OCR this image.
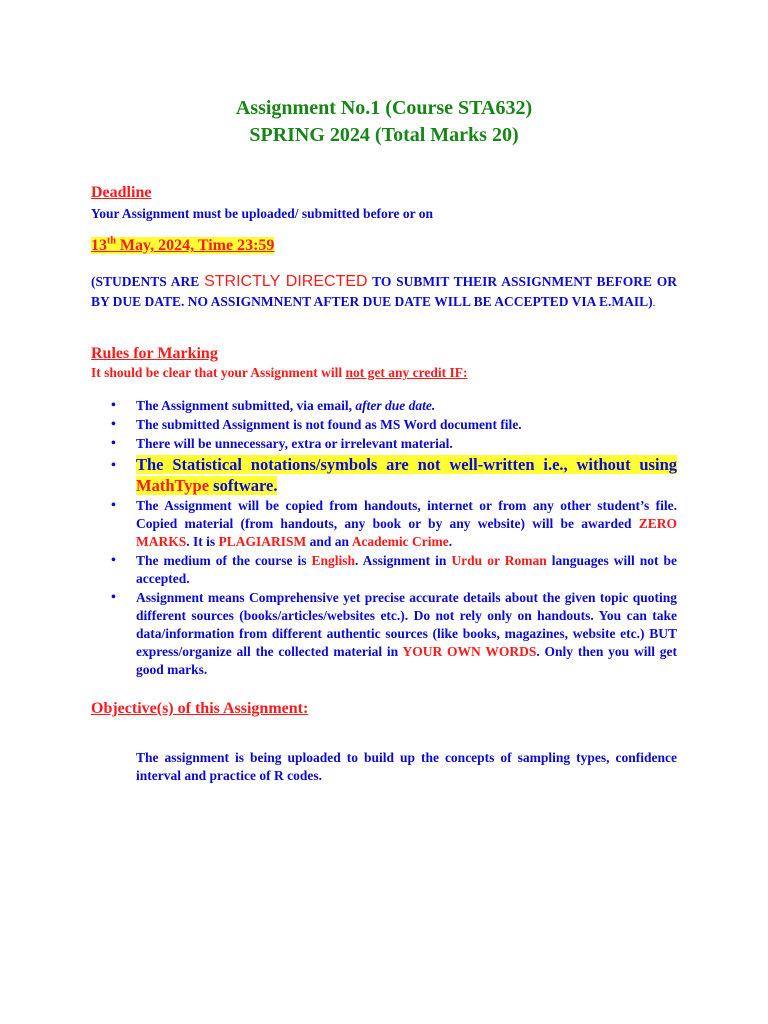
Assignment No.1 (Course STA632)
SPRING 2024 (Total Marks 20)
Deadline
Your Assignment must be uploaded/ submitted before or on
13th May, 2024, Time 23:59
(STUDENTS ARE STRICTLY DIRECTED TO SUBMIT THEIR ASSIGNMENT BEFORE OR BY DUE DATE. NO ASSIGNMNENT AFTER DUE DATE WILL BE ACCEPTED VIA E.MAIL).
Rules for Marking
It should be clear that your Assignment will not get any credit IF:
• The Assignment submitted, via email, after due date.
• The submitted Assignment is not found as MS Word document file.
• There will be unnecessary, extra or irrelevant material.
• The Statistical notations/symbols are not well-written i.e., without using MathType software.
• The Assignment will be copied from handouts, internet or from any other student’s file. Copied material (from handouts, any book or by any website) will be awarded ZERO MARKS. It is PLAGIARISM and an Academic Crime.
• The medium of the course is English. Assignment in Urdu or Roman languages will not be accepted.
• Assignment means Comprehensive yet precise accurate details about the given topic quoting different sources (books/articles/websites etc.). Do not rely only on handouts. You can take data/information from different authentic sources (like books, magazines, website etc.) BUT express/organize all the collected material in YOUR OWN WORDS. Only then you will get good marks.
Objective(s) of this Assignment:
The assignment is being uploaded to build up the concepts of sampling types, confidence interval and practice of R codes.
